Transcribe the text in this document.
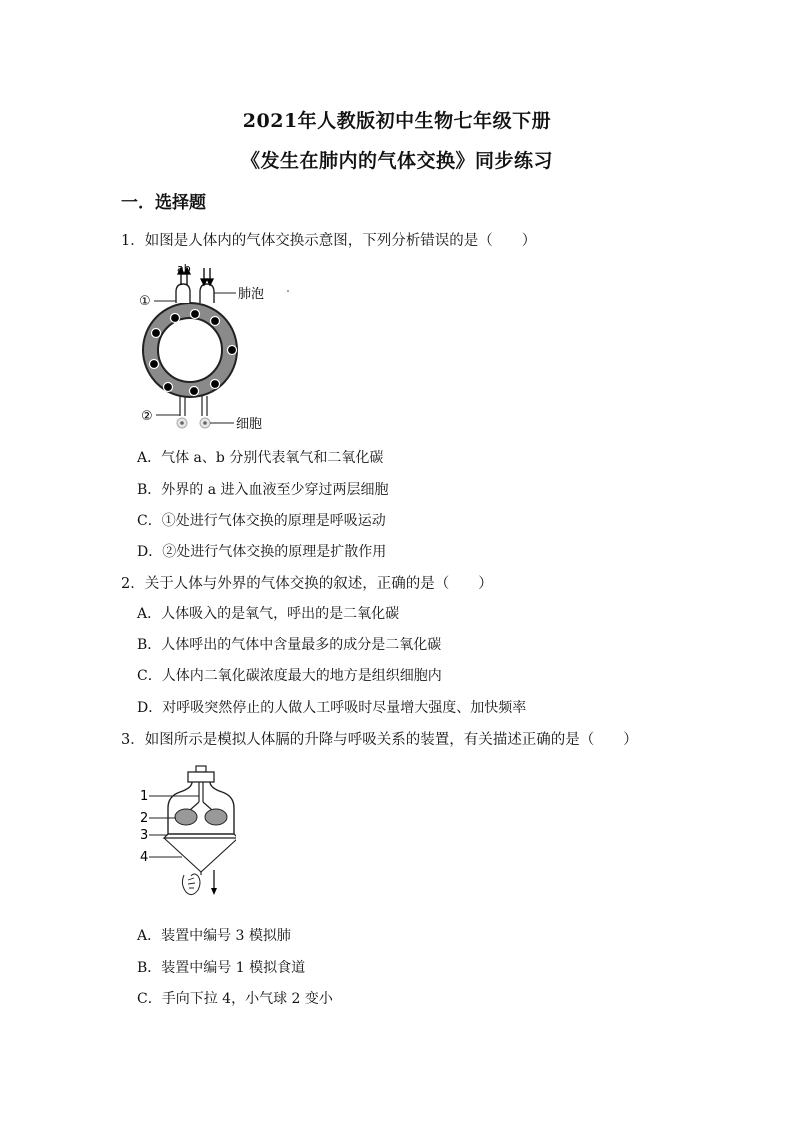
2021年人教版初中生物七年级下册
《发生在肺内的气体交换》同步练习
一．选择题
1．如图是人体内的气体交换示意图，下列分析错误的是（　　）
ab
①	肺泡
②
细胞
A．气体 a、b 分别代表氧气和二氧化碳
B．外界的 a 进入血液至少穿过两层细胞
C．①处进行气体交换的原理是呼吸运动
D．②处进行气体交换的原理是扩散作用
2．关于人体与外界的气体交换的叙述，正确的是（　　）
A．人体吸入的是氧气，呼出的是二氧化碳
B．人体呼出的气体中含量最多的成分是二氧化碳
C．人体内二氧化碳浓度最大的地方是组织细胞内
D．对呼吸突然停止的人做人工呼吸时尽量增大强度、加快频率
3．如图所示是模拟人体膈的升降与呼吸关系的装置，有关描述正确的是（　　）
1
2
3
4
A．装置中编号 3 模拟肺
B．装置中编号 1 模拟食道
C．手向下拉 4，小气球 2 变小
